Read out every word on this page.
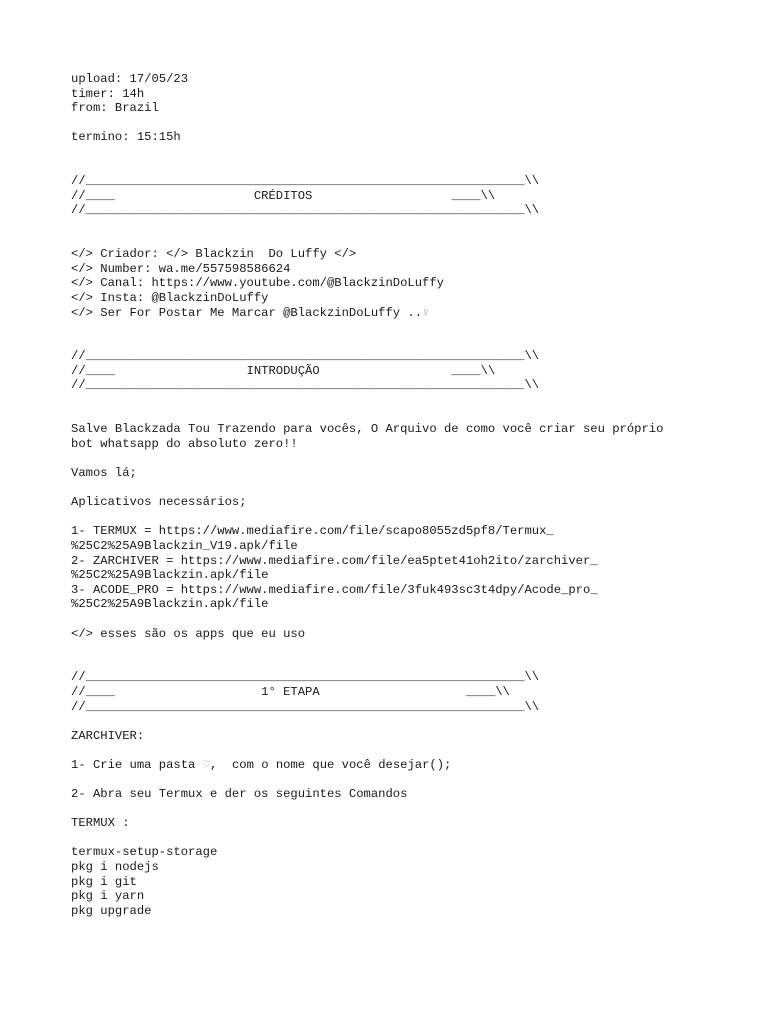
upload: 17/05/23
timer: 14h
from: Brazil
termino: 15:15h
//____________________________________________________________\\
//____	CRÉDITOS	____\\
//____________________________________________________________\\
</> Criador: </> Blackzin  Do Luffy </>
</> Number: wa.me/557598586624
</> Canal: https://www.youtube.com/@BlackzinDoLuffy
</> Insta: @BlackzinDoLuffy
</> Ser For Postar Me Marcar @BlackzinDoLuffy ..♀
//____________________________________________________________\\
//____	INTRODUÇÃO	____\\
//____________________________________________________________\\
Salve Blackzada Tou Trazendo para vocês, O Arquivo de como você criar seu próprio
bot whatsapp do absoluto zero!!
Vamos lá;
Aplicativos necessários;
1- TERMUX = https://www.mediafire.com/file/scapo8055zd5pf8/Termux_
%25C2%25A9Blackzin_V19.apk/file
2- ZARCHIVER = https://www.mediafire.com/file/ea5ptet41oh2ito/zarchiver_
%25C2%25A9Blackzin.apk/file
3- ACODE_PRO = https://www.mediafire.com/file/3fuk493sc3t4dpy/Acode_pro_
%25C2%25A9Blackzin.apk/file
</> esses são os apps que eu uso
//____________________________________________________________\\
//____	1° ETAPA	____\\
//____________________________________________________________\\
ZARCHIVER:
1- Crie uma pasta ♡,  com o nome que você desejar();
2- Abra seu Termux e der os seguintes Comandos
TERMUX :
termux-setup-storage
pkg i nodejs
pkg i git
pkg i yarn
pkg upgrade
